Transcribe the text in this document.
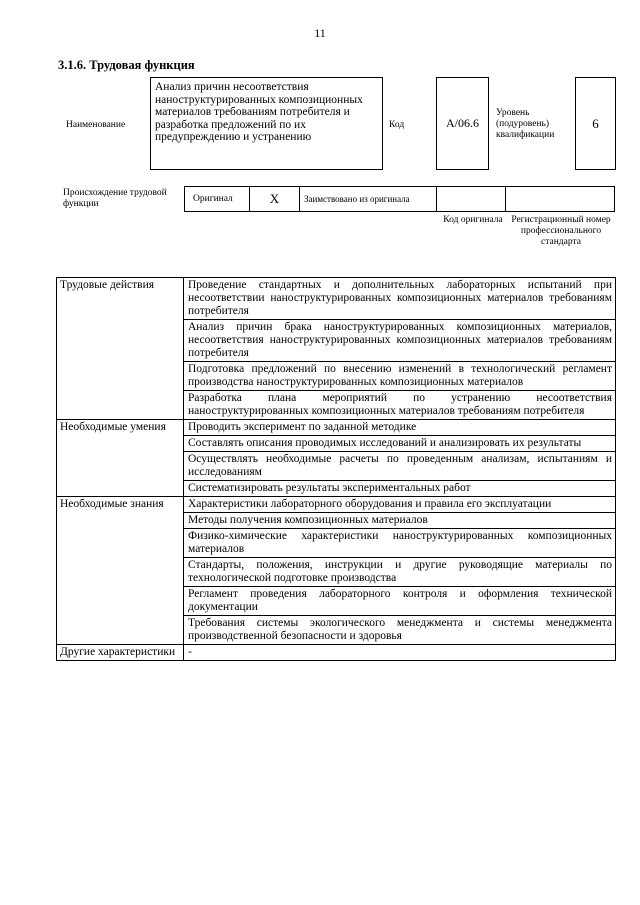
11
3.1.6. Трудовая функция
Наименование
Анализ причин несоответствия наноструктурированных композиционных материалов требованиям потребителя и разработка предложений по их предупреждению и устранению
Код	A/06.6
Уровень (подуровень) квалификации
6
Происхождение трудовой функции	Оригинал	X	Заимствовано из оригинала
Код оригинала Регистрационный номер профессионального стандарта
Трудовые действия	Проведение стандартных и дополнительных лабораторных испытаний при несоответствии наноструктурированных композиционных материалов требованиям потребителя
	Анализ причин брака наноструктурированных композиционных материалов, несоответствия наноструктурированных композиционных материалов требованиям потребителя
	Подготовка предложений по внесению изменений в технологический регламент производства наноструктурированных композиционных материалов
	Разработка плана мероприятий по устранению несоответствия наноструктурированных композиционных материалов требованиям потребителя
Необходимые умения	Проводить эксперимент по заданной методике
	Составлять описания проводимых исследований и анализировать их результаты
	Осуществлять необходимые расчеты по проведенным анализам, испытаниям и исследованиям
	Систематизировать результаты экспериментальных работ
Необходимые знания	Характеристики лабораторного оборудования и правила его эксплуатации
	Методы получения композиционных материалов
	Физико-химические характеристики наноструктурированных композиционных материалов
	Стандарты, положения, инструкции и другие руководящие материалы по технологической подготовке производства
	Регламент проведения лабораторного контроля и оформления технической документации
	Требования системы экологического менеджмента и системы менеджмента производственной безопасности и здоровья
Другие характеристики	-
